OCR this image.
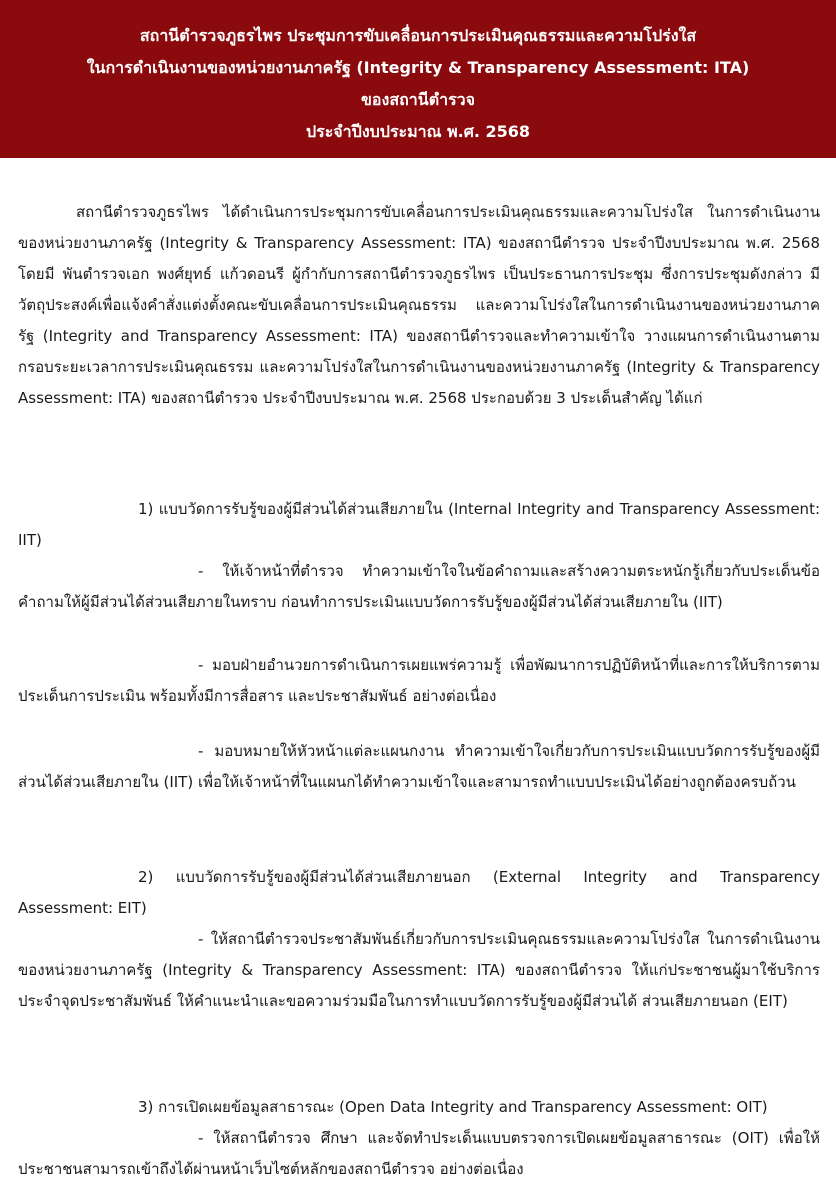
สถานีตำรวจภูธรไพร ประชุมการขับเคลื่อนการประเมินคุณธรรมและความโปร่งใส
ในการดำเนินงานของหน่วยงานภาครัฐ (Integrity & Transparency Assessment: ITA)
ของสถานีตำรวจ
ประจำปีงบประมาณ พ.ศ. 2568

สถานีตำรวจภูธรไพร ได้ดำเนินการประชุมการขับเคลื่อนการประเมินคุณธรรมและความโปร่งใส ในการดำเนินงานของหน่วยงานภาครัฐ (Integrity & Transparency Assessment: ITA) ของสถานีตำรวจ ประจำปีงบประมาณ พ.ศ. 2568 โดยมี พันตำรวจเอก พงศ์ยุทธ์ แก้วดอนรี ผู้กำกับการสถานีตำรวจภูธรไพร เป็นประธานการประชุม ซึ่งการประชุมดังกล่าว มีวัตถุประสงค์เพื่อแจ้งคำสั่งแต่งตั้งคณะขับเคลื่อนการประเมินคุณธรรม และความโปร่งใสในการดำเนินงานของหน่วยงานภาครัฐ (Integrity and Transparency Assessment: ITA) ของสถานีตำรวจและทำความเข้าใจ วางแผนการดำเนินงานตามกรอบระยะเวลาการประเมินคุณธรรม และความโปร่งใสในการดำเนินงานของหน่วยงานภาครัฐ (Integrity & Transparency Assessment: ITA) ของสถานีตำรวจ ประจำปีงบประมาณ พ.ศ. 2568 ประกอบด้วย 3 ประเด็นสำคัญ ได้แก่

1) แบบวัดการรับรู้ของผู้มีส่วนได้ส่วนเสียภายใน (Internal Integrity and Transparency Assessment: IIT)

- ให้เจ้าหน้าที่ตำรวจ ทำความเข้าใจในข้อคำถามและสร้างความตระหนักรู้เกี่ยวกับประเด็นข้อคำถามให้ผู้มีส่วนได้ส่วนเสียภายในทราบ ก่อนทำการประเมินแบบวัดการรับรู้ของผู้มีส่วนได้ส่วนเสียภายใน (IIT)

- มอบฝ่ายอำนวยการดำเนินการเผยแพร่ความรู้ เพื่อพัฒนาการปฏิบัติหน้าที่และการให้บริการตามประเด็นการประเมิน พร้อมทั้งมีการสื่อสาร และประชาสัมพันธ์ อย่างต่อเนื่อง

- มอบหมายให้หัวหน้าแต่ละแผนกงาน ทำความเข้าใจเกี่ยวกับการประเมินแบบวัดการรับรู้ของผู้มีส่วนได้ส่วนเสียภายใน (IIT) เพื่อให้เจ้าหน้าที่ในแผนกได้ทำความเข้าใจและสามารถทำแบบประเมินได้อย่างถูกต้องครบถ้วน

2) แบบวัดการรับรู้ของผู้มีส่วนได้ส่วนเสียภายนอก (External Integrity and Transparency Assessment: EIT)

- ให้สถานีตำรวจประชาสัมพันธ์เกี่ยวกับการประเมินคุณธรรมและความโปร่งใส ในการดำเนินงานของหน่วยงานภาครัฐ (Integrity & Transparency Assessment: ITA) ของสถานีตำรวจ ให้แก่ประชาชนผู้มาใช้บริการประจำจุดประชาสัมพันธ์ ให้คำแนะนำและขอความร่วมมือในการทำแบบวัดการรับรู้ของผู้มีส่วนได้ ส่วนเสียภายนอก (EIT)

3) การเปิดเผยข้อมูลสาธารณะ (Open Data Integrity and Transparency Assessment: OIT)

- ให้สถานีตำรวจ ศึกษา และจัดทำประเด็นแบบตรวจการเปิดเผยข้อมูลสาธารณะ (OIT) เพื่อให้ประชาชนสามารถเข้าถึงได้ผ่านหน้าเว็บไซต์หลักของสถานีตำรวจ อย่างต่อเนื่อง
